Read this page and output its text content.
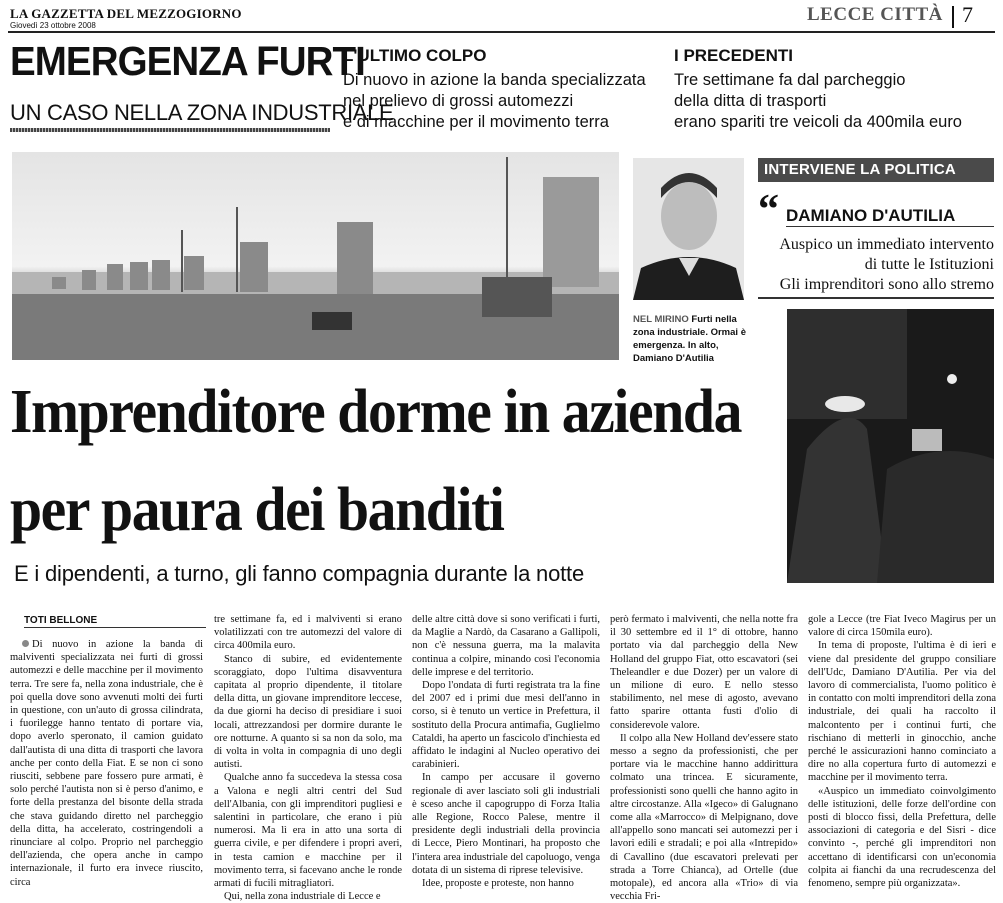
LA GAZZETTA DEL MEZZOGIORNO
Giovedì 23 ottobre 2008
LECCE CITTÀ 7
EMERGENZA FURTI
UN CASO NELLA ZONA INDUSTRIALE
L'ULTIMO COLPO
Di nuovo in azione la banda specializzata
nel prelievo di grossi automezzi
e di macchine per il movimento terra
I PRECEDENTI
Tre settimane fa dal parcheggio
della ditta di trasporti
erano spariti tre veicoli da 400mila euro
NEL MIRINO Furti nella zona industriale. Ormai è emergenza. In alto, Damiano D'Autilia
INTERVIENE LA POLITICA
“ DAMIANO D'AUTILIA
Auspico un immediato intervento
di tutte le Istituzioni
Gli imprenditori sono allo stremo
Imprenditore dorme in azienda
per paura dei banditi
E i dipendenti, a turno, gli fanno compagnia durante la notte
TOTI BELLONE
Di nuovo in azione la banda di malviventi specializzata nei furti di grossi automezzi e delle macchine per il movimento terra. Tre sere fa, nella zona industriale, che è poi quella dove sono avvenuti molti dei furti in questione, con un'auto di grossa cilindrata, i fuorilegge hanno tentato di portare via, dopo averlo speronato, il camion guidato dall'autista di una ditta di trasporti che lavora anche per conto della Fiat. E se non ci sono riusciti, sebbene pare fossero pure armati, è solo perché l'autista non si è perso d'animo, e forte della prestanza del bisonte della strada che stava guidando diretto nel parcheggio della ditta, ha accelerato, costringendoli a rinunciare al colpo. Proprio nel parcheggio dell'azienda, che opera anche in campo internazionale, il furto era invece riuscito, circa

tre settimane fa, ed i malviventi si erano volatilizzati con tre automezzi del valore di circa 400mila euro.

Stanco di subire, ed evidentemente scoraggiato, dopo l'ultima disavventura capitata al proprio dipendente, il titolare della ditta, un giovane imprenditore leccese, da due giorni ha deciso di presidiare i suoi locali, attrezzandosi per dormire durante le ore notturne. A quanto si sa non da solo, ma di volta in volta in compagnia di uno degli autisti.

Qualche anno fa succedeva la stessa cosa a Valona e negli altri centri del Sud dell'Albania, con gli imprenditori pugliesi e salentini in particolare, che erano i più numerosi. Ma lì era in atto una sorta di guerra civile, e per difendere i propri averi, in testa camion e macchine per il movimento terra, si facevano anche le ronde armati di fucili mitragliatori.

Qui, nella zona industriale di Lecce e

delle altre città dove si sono verificati i furti, da Maglie a Nardò, da Casarano a Gallipoli, non c'è nessuna guerra, ma la malavita continua a colpire, minando così l'economia delle imprese e del territorio.

Dopo l'ondata di furti registrata tra la fine del 2007 ed i primi due mesi dell'anno in corso, si è tenuto un vertice in Prefettura, il sostituto della Procura antimafia, Guglielmo Cataldi, ha aperto un fascicolo d'inchiesta ed affidato le indagini al Nucleo operativo dei carabinieri.

In campo per accusare il governo regionale di aver lasciato soli gli industriali è sceso anche il capogruppo di Forza Italia alle Regione, Rocco Palese, mentre il presidente degli industriali della provincia di Lecce, Piero Montinari, ha proposto che l'intera area industriale del capoluogo, venga dotata di un sistema di riprese televisive.

Idee, proposte e proteste, non hanno

però fermato i malviventi, che nella notte fra il 30 settembre ed il 1° di ottobre, hanno portato via dal parcheggio della New Holland del gruppo Fiat, otto escavatori (sei Theleandler e due Dozer) per un valore di un milione di euro. E nello stesso stabilimento, nel mese di agosto, avevano fatto sparire ottanta fusti d'olio di considerevole valore.

Il colpo alla New Holland dev'essere stato messo a segno da professionisti, che per portare via le macchine hanno addirittura colmato una trincea. E sicuramente, professionisti sono quelli che hanno agito in altre circostanze. Alla «Igeco» di Galugnano come alla «Marrocco» di Melpignano, dove all'appello sono mancati sei automezzi per i lavori edili e stradali; e poi alla «Intrepido» di Cavallino (due escavatori prelevati per strada a Torre Chianca), ad Ortelle (due motopale), ed ancora alla «Trio» di via vecchia Fri-

gole a Lecce (tre Fiat Iveco Magirus per un valore di circa 150mila euro).

In tema di proposte, l'ultima è di ieri e viene dal presidente del gruppo consiliare dell'Udc, Damiano D'Autilia. Per via del lavoro di commercialista, l'uomo politico è in contatto con molti imprenditori della zona industriale, dei quali ha raccolto il malcontento per i continui furti, che rischiano di metterli in ginocchio, anche perché le assicurazioni hanno cominciato a dire no alla copertura furto di automezzi e macchine per il movimento terra.

«Auspico un immediato coinvolgimento delle istituzioni, delle forze dell'ordine con posti di blocco fissi, della Prefettura, delle associazioni di categoria e del Sisri - dice convinto -, perché gli imprenditori non accettano di identificarsi con un'economia colpita ai fianchi da una recrudescenza del fenomeno, sempre più organizzata».
